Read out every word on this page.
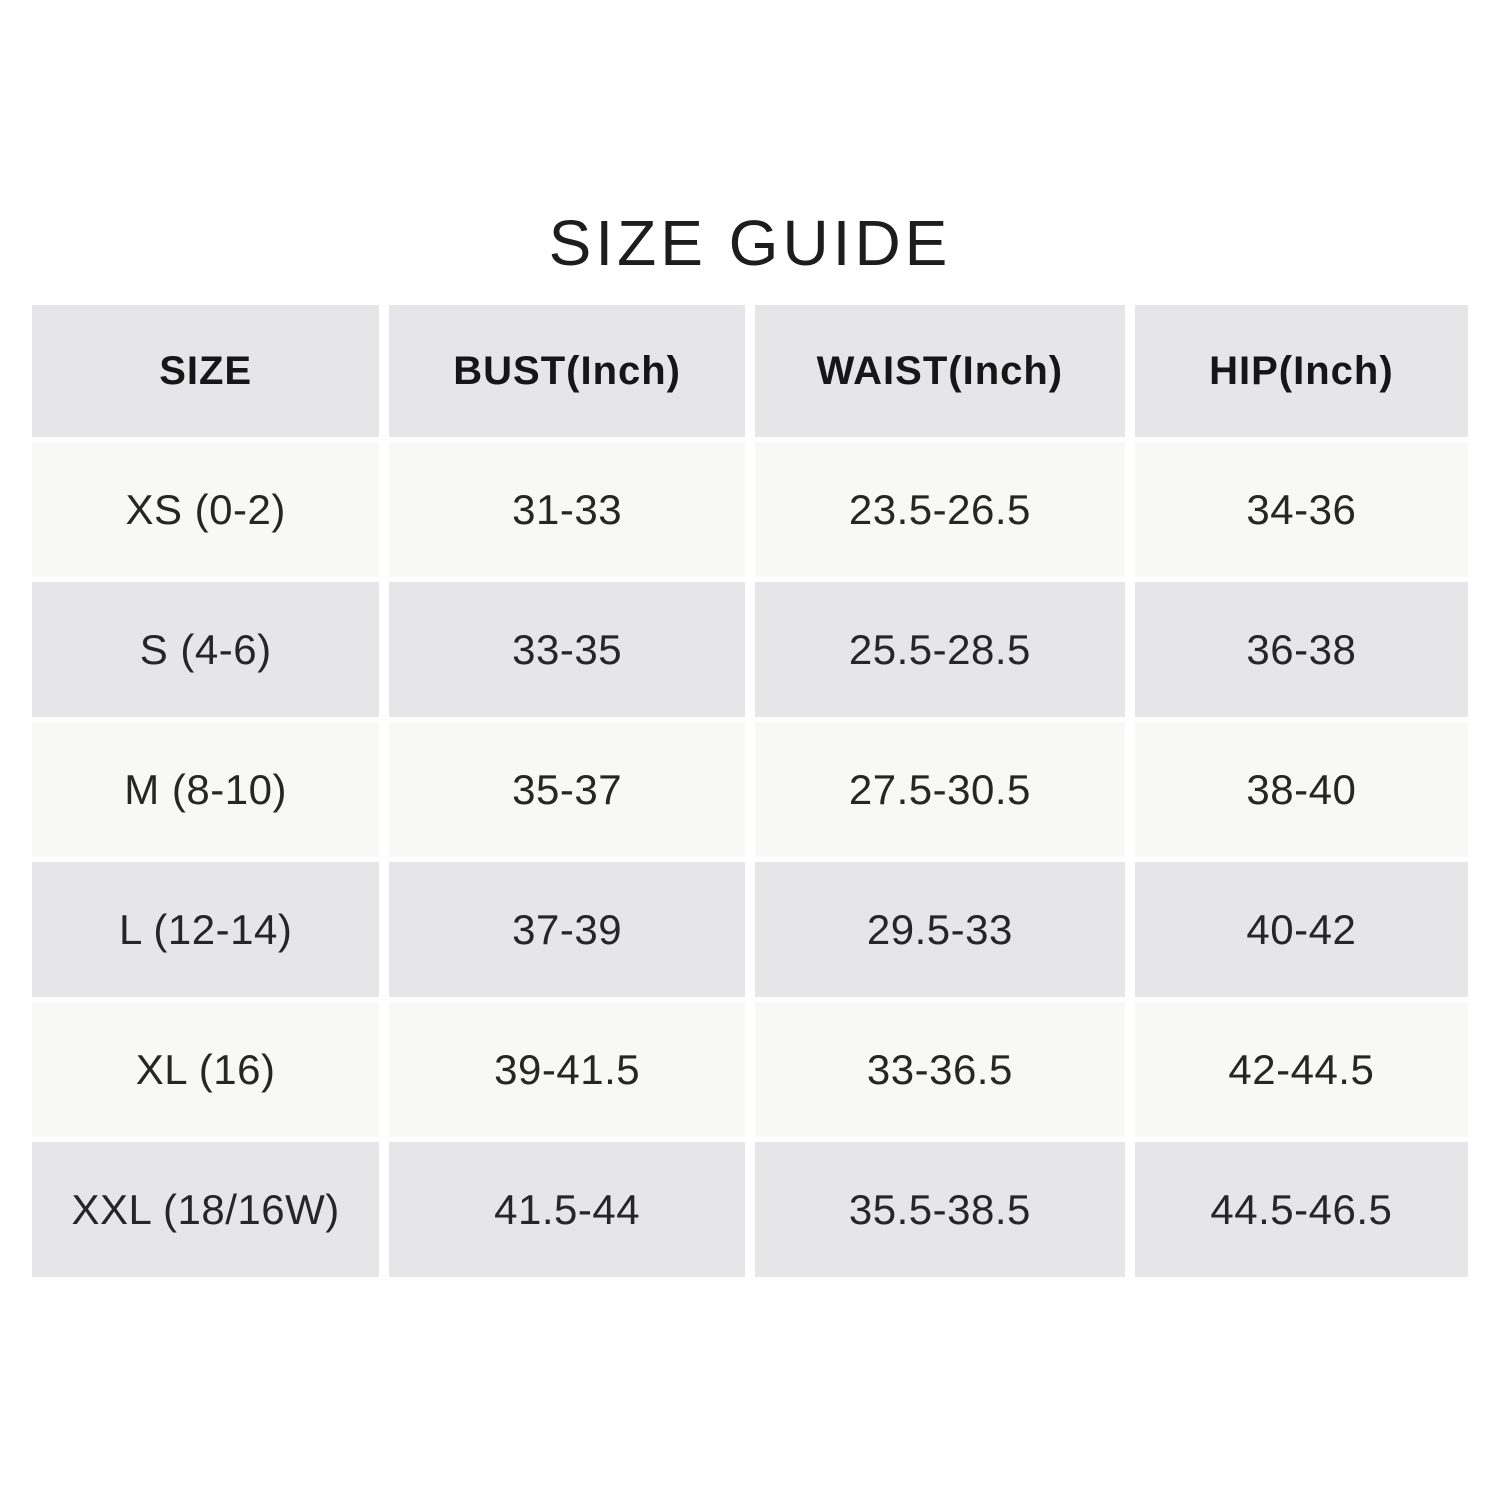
SIZE GUIDE
SIZE	BUST(Inch)	WAIST(Inch)	HIP(Inch)
XS (0-2)	31-33	23.5-26.5	34-36
S (4-6)	33-35	25.5-28.5	36-38
M (8-10)	35-37	27.5-30.5	38-40
L (12-14)	37-39	29.5-33	40-42
XL (16)	39-41.5	33-36.5	42-44.5
XXL (18/16W)	41.5-44	35.5-38.5	44.5-46.5
